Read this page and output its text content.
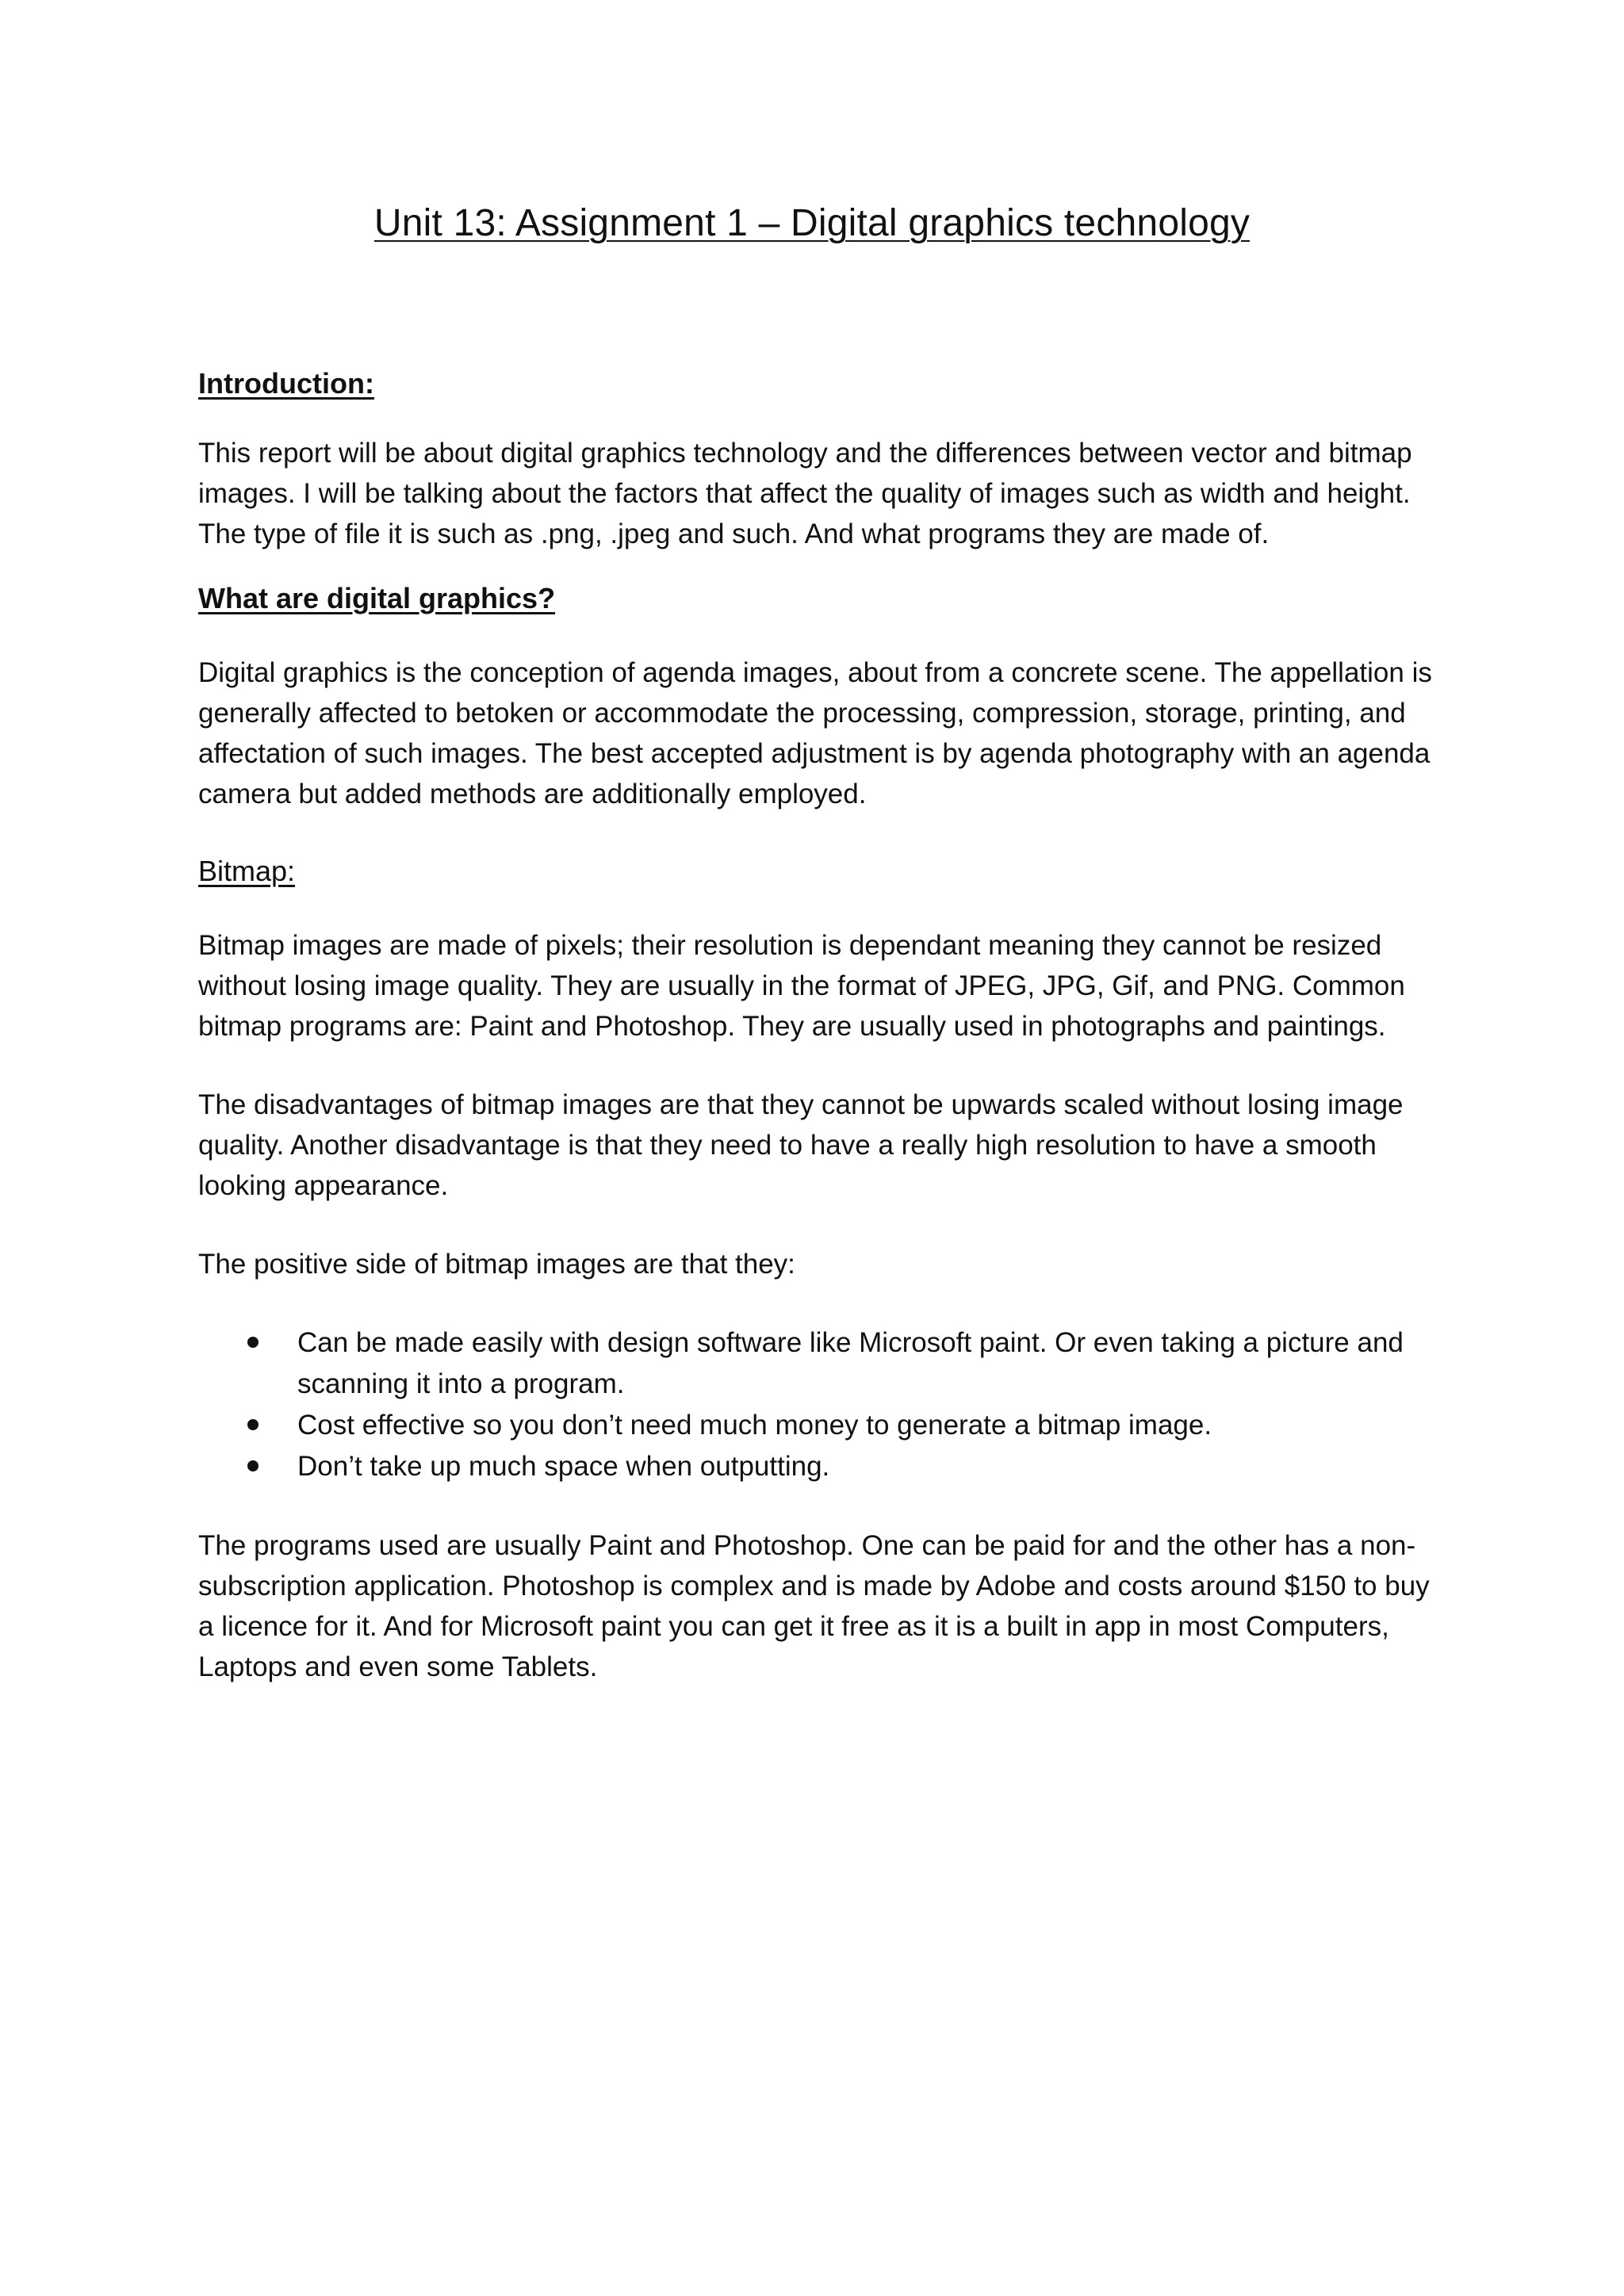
Unit 13: Assignment 1 – Digital graphics technology

Introduction:

This report will be about digital graphics technology and the differences between vector and bitmap images. I will be talking about the factors that affect the quality of images such as width and height. The type of file it is such as .png, .jpeg and such. And what programs they are made of.

What are digital graphics?

Digital graphics is the conception of agenda images, about from a concrete scene. The appellation is generally affected to betoken or accommodate the processing, compression, storage, printing, and affectation of such images. The best accepted adjustment is by agenda photography with an agenda camera but added methods are additionally employed.

Bitmap:

Bitmap images are made of pixels; their resolution is dependant meaning they cannot be resized without losing image quality. They are usually in the format of JPEG, JPG, Gif, and PNG. Common bitmap programs are: Paint and Photoshop. They are usually used in photographs and paintings.

The disadvantages of bitmap images are that they cannot be upwards scaled without losing image quality. Another disadvantage is that they need to have a really high resolution to have a smooth looking appearance.

The positive side of bitmap images are that they:

Can be made easily with design software like Microsoft paint. Or even taking a picture and scanning it into a program.
Cost effective so you don’t need much money to generate a bitmap image.
Don’t take up much space when outputting.

The programs used are usually Paint and Photoshop. One can be paid for and the other has a non-subscription application. Photoshop is complex and is made by Adobe and costs around $150 to buy a licence for it. And for Microsoft paint you can get it free as it is a built in app in most Computers, Laptops and even some Tablets.
